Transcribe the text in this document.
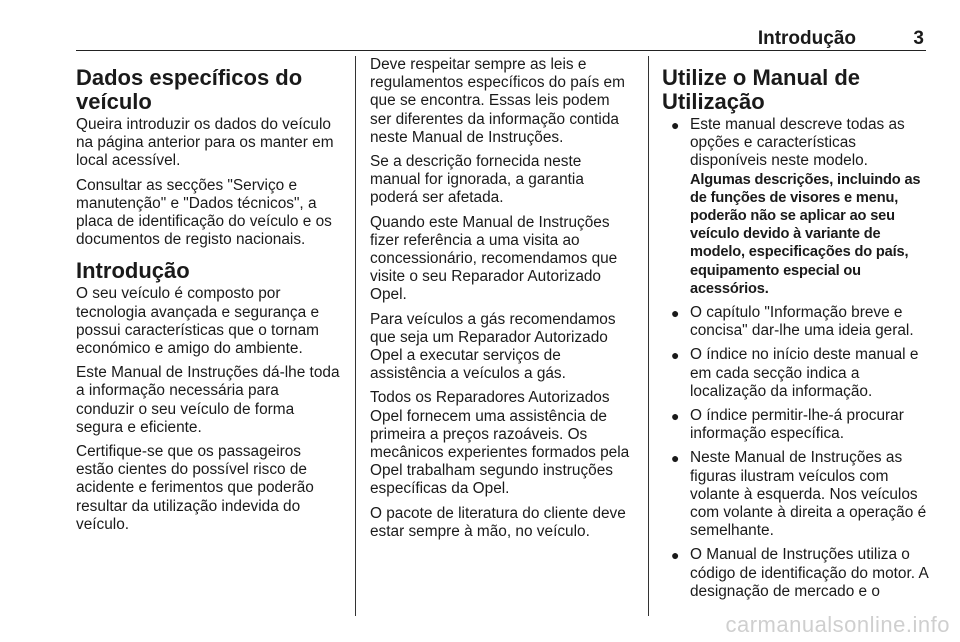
Introdução	3
Dados específicos do veículo

Queira introduzir os dados do veículo na página anterior para os manter em local acessível.

Consultar as secções "Serviço e manutenção" e "Dados técnicos", a placa de identificação do veículo e os documentos de registo nacionais.

Introdução

O seu veículo é composto por tecnologia avançada e segurança e possui características que o tornam económico e amigo do ambiente.

Este Manual de Instruções dá-lhe toda a informação necessária para conduzir o seu veículo de forma segura e eficiente.

Certifique-se que os passageiros estão cientes do possível risco de acidente e ferimentos que poderão resultar da utilização indevida do veículo.

Deve respeitar sempre as leis e regulamentos específicos do país em que se encontra. Essas leis podem ser diferentes da informação contida neste Manual de Instruções.

Se a descrição fornecida neste manual for ignorada, a garantia poderá ser afetada.

Quando este Manual de Instruções fizer referência a uma visita ao concessionário, recomendamos que visite o seu Reparador Autorizado Opel.

Para veículos a gás recomendamos que seja um Reparador Autorizado Opel a executar serviços de assistência a veículos a gás.

Todos os Reparadores Autorizados Opel fornecem uma assistência de primeira a preços razoáveis. Os mecânicos experientes formados pela Opel trabalham segundo instruções específicas da Opel.

O pacote de literatura do cliente deve estar sempre à mão, no veículo.

Utilize o Manual de Utilização
● Este manual descreve todas as opções e características disponíveis neste modelo.
Algumas descrições, incluindo as de funções de visores e menu, poderão não se aplicar ao seu veículo devido à variante de modelo, especificações do país, equipamento especial ou acessórios.
● O capítulo "Informação breve e concisa" dar-lhe uma ideia geral.
● O índice no início deste manual e em cada secção indica a localização da informação.
● O índice permitir-lhe-á procurar informação específica.
● Neste Manual de Instruções as figuras ilustram veículos com volante à esquerda. Nos veículos com volante à direita a operação é semelhante.
● O Manual de Instruções utiliza o código de identificação do motor. A designação de mercado e o
carmanualsonline.info
